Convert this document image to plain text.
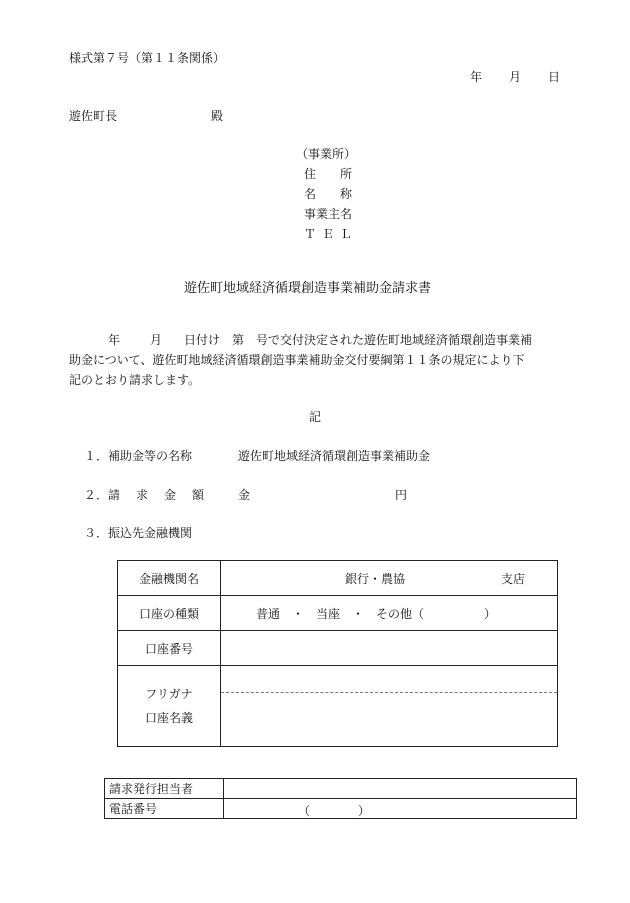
様式第７号（第１１条関係）
年 月 日
遊佐町長	殿
（事業所）
住 所
名 称
事業主名
Ｔ Ｅ Ｌ
遊佐町地域経済循環創造事業補助金請求書
年	月 日付け　第　号で交付決定された遊佐町地域経済循環創造事業補
助金について、遊佐町地域経済循環創造事業補助金交付要綱第１１条の規定により下
記のとおり請求します。
記
１． 補助金等の名称	遊佐町地域経済循環創造事業補助金
２． 請 求 金 額	金	円
３． 振込先金融機関
金融機関名	銀行・農協 支店

口座の種類	普通　・　当座　・　その他（　　　　　）

口座番号	

フリガナ
口座名義	

請求発行担当者	
電話番号	（　　　　）
